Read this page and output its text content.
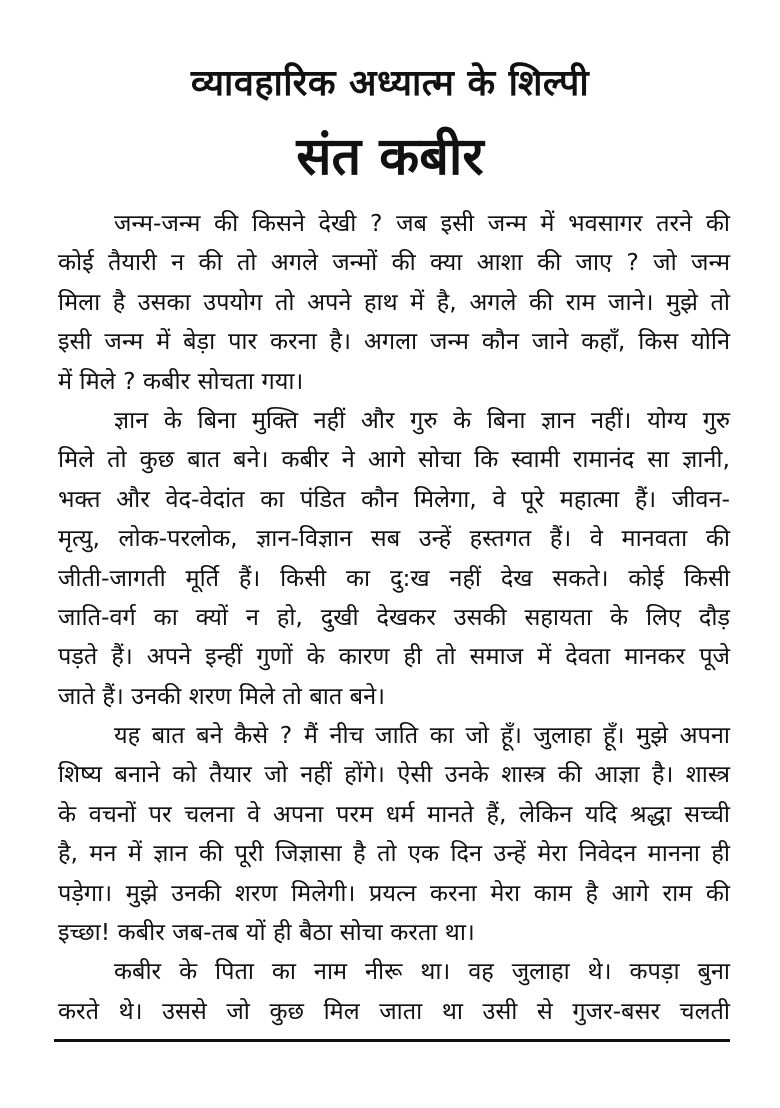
व्यावहारिक अध्यात्म के शिल्पी
संत कबीर
जन्म-जन्म की किसने देखी ? जब इसी जन्म में भवसागर तरने की
कोई तैयारी न की तो अगले जन्मों की क्या आशा की जाए ? जो जन्म
मिला है उसका उपयोग तो अपने हाथ में है, अगले की राम जाने। मुझे तो
इसी जन्म में बेड़ा पार करना है। अगला जन्म कौन जाने कहाँ, किस योनि
में मिले ? कबीर सोचता गया।
ज्ञान के बिना मुक्ति नहीं और गुरु के बिना ज्ञान नहीं। योग्य गुरु
मिले तो कुछ बात बने। कबीर ने आगे सोचा कि स्वामी रामानंद सा ज्ञानी,
भक्त और वेद-वेदांत का पंडित कौन मिलेगा, वे पूरे महात्मा हैं। जीवन-
मृत्यु, लोक-परलोक, ज्ञान-विज्ञान सब उन्हें हस्तगत हैं। वे मानवता की
जीती-जागती मूर्ति हैं। किसी का दु:ख नहीं देख सकते। कोई किसी
जाति-वर्ग का क्यों न हो, दुखी देखकर उसकी सहायता के लिए दौड़
पड़ते हैं। अपने इन्हीं गुणों के कारण ही तो समाज में देवता मानकर पूजे
जाते हैं। उनकी शरण मिले तो बात बने।
यह बात बने कैसे ? मैं नीच जाति का जो हूँ। जुलाहा हूँ। मुझे अपना
शिष्य बनाने को तैयार जो नहीं होंगे। ऐसी उनके शास्त्र की आज्ञा है। शास्त्र
के वचनों पर चलना वे अपना परम धर्म मानते हैं, लेकिन यदि श्रद्धा सच्ची
है, मन में ज्ञान की पूरी जिज्ञासा है तो एक दिन उन्हें मेरा निवेदन मानना ही
पड़ेगा। मुझे उनकी शरण मिलेगी। प्रयत्न करना मेरा काम है आगे राम की
इच्छा! कबीर जब-तब यों ही बैठा सोचा करता था।
कबीर के पिता का नाम नीरू था। वह जुलाहा थे। कपड़ा बुना
करते थे। उससे जो कुछ मिल जाता था उसी से गुजर-बसर चलती
